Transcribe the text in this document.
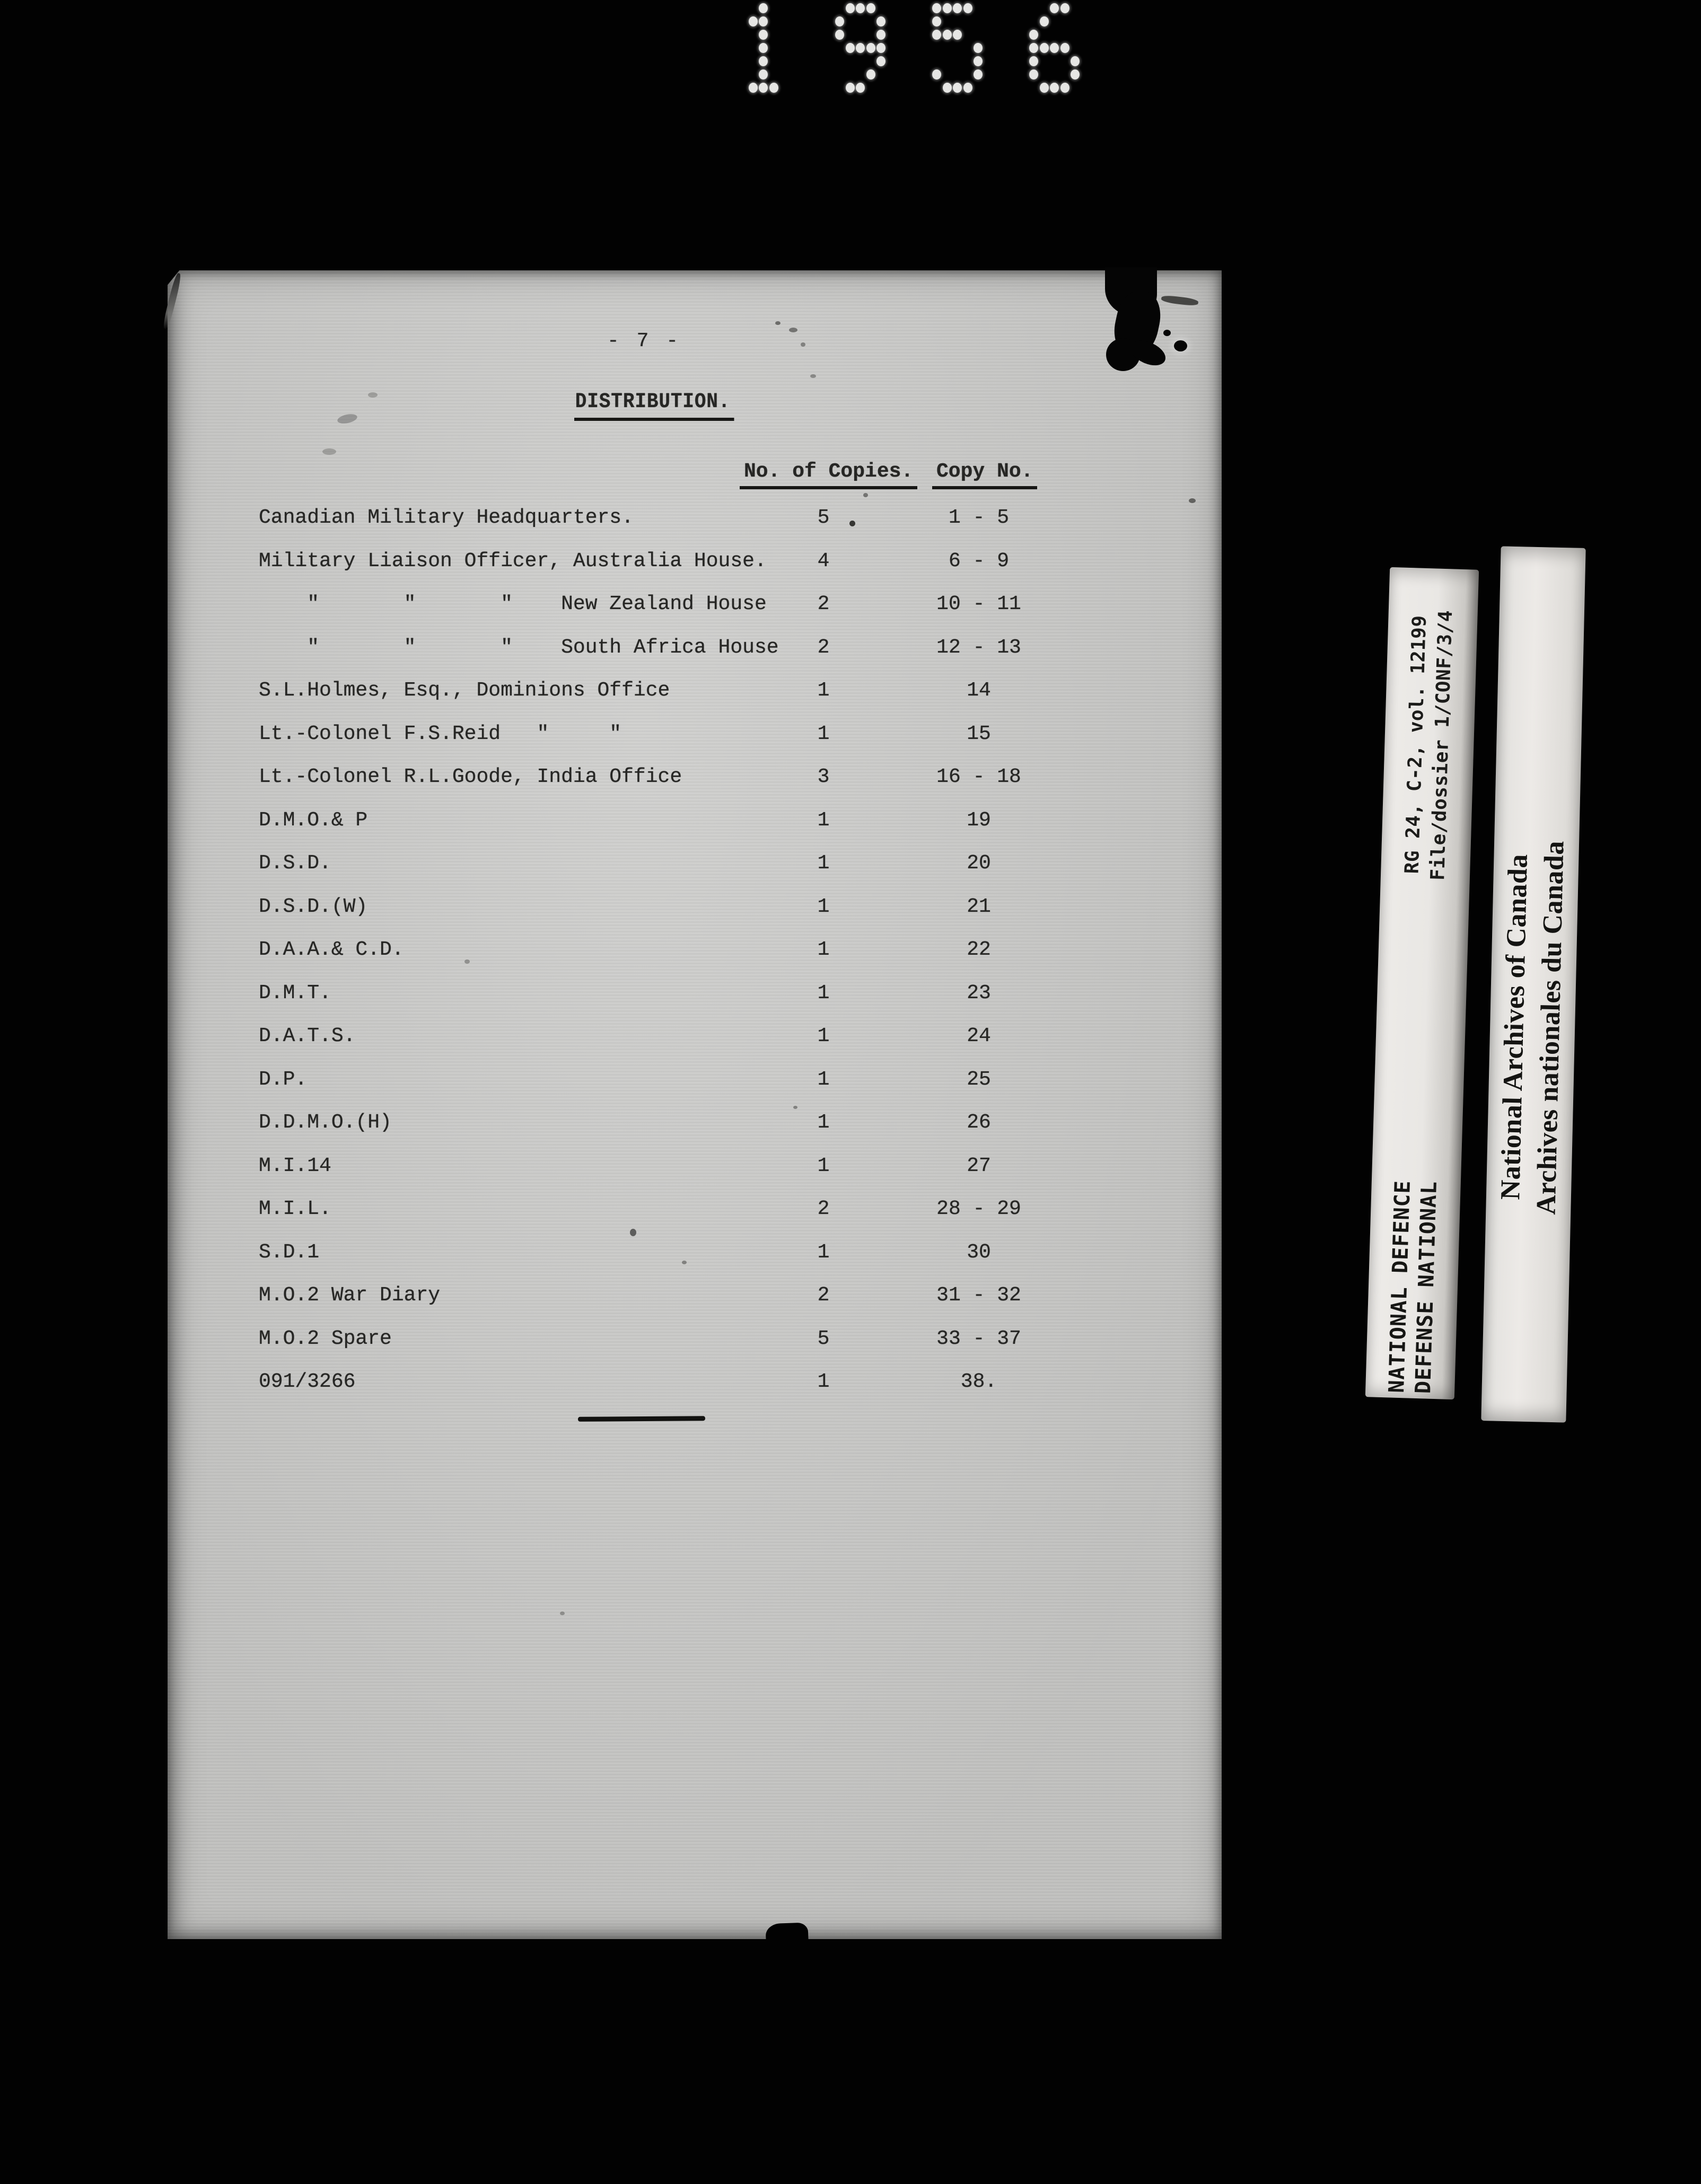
- 7 -
DISTRIBUTION.
No. of Copies. Copy No.
Canadian Military Headquarters.	5	1 - 5
Military Liaison Officer, Australia House.	4	6 - 9
"       "       "    New Zealand House	2	10 - 11
"       "       "    South Africa House 2	12 - 13
S.L.Holmes, Esq., Dominions Office	1	14
Lt.-Colonel F.S.Reid   "     "	1	15
Lt.-Colonel R.L.Goode, India Office	3	16 - 18
D.M.O.& P	1	19
D.S.D.	1	20
D.S.D.(W)	1	21
D.A.A.& C.D.	1	22
D.M.T.	1	23
D.A.T.S.	1	24
D.P.	1	25
D.D.M.O.(H)	1	26
M.I.14	1	27
M.I.L.	2	28 - 29
S.D.1	1	30
M.O.2 War Diary	2	31 - 32
M.O.2 Spare	5	33 - 37
091/3266	1	38.
RG 24, C-2, vol. 12199
File/dossier 1/CONF/3/4
NATIONAL DEFENCE
DEFENSE NATIONAL
National Archives of Canada
Archives nationales du Canada
